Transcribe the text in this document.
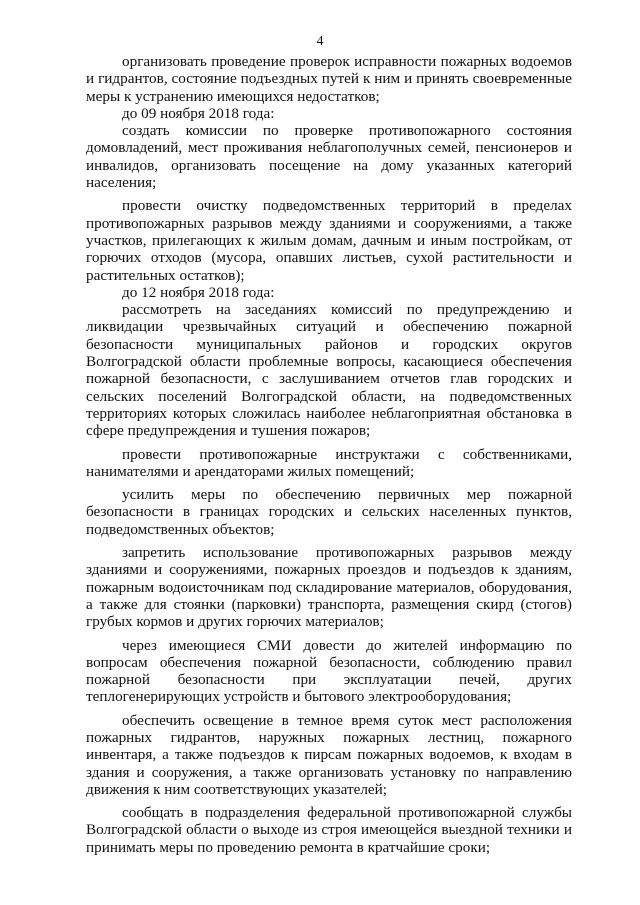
4

организовать проведение проверок исправности пожарных водоемов и гидрантов, состояние подъездных путей к ним и принять своевременные меры к устранению имеющихся недостатков;

до 09 ноября 2018 года:

создать комиссии по проверке противопожарного состояния домовладений, мест проживания неблагополучных семей, пенсионеров и инвалидов, организовать посещение на дому указанных категорий населения;

провести очистку подведомственных территорий в пределах противопожарных разрывов между зданиями и сооружениями, а также участков, прилегающих к жилым домам, дачным и иным постройкам, от горючих отходов (мусора, опавших листьев, сухой растительности и растительных остатков);

до 12 ноября 2018 года:

рассмотреть на заседаниях комиссий по предупреждению и ликвидации чрезвычайных ситуаций и обеспечению пожарной безопасности муниципальных районов и городских округов Волгоградской области проблемные вопросы, касающиеся обеспечения пожарной безопасности, с заслушиванием отчетов глав городских и сельских поселений Волгоградской области, на подведомственных территориях которых сложилась наиболее неблагоприятная обстановка в сфере предупреждения и тушения пожаров;

провести противопожарные инструктажи с собственниками, нанимателями и арендаторами жилых помещений;

усилить меры по обеспечению первичных мер пожарной безопасности в границах городских и сельских населенных пунктов, подведомственных объектов;

запретить использование противопожарных разрывов между зданиями и сооружениями, пожарных проездов и подъездов к зданиям, пожарным водоисточникам под складирование материалов, оборудования, а также для стоянки (парковки) транспорта, размещения скирд (стогов) грубых кормов и других горючих материалов;

через имеющиеся СМИ довести до жителей информацию по вопросам обеспечения пожарной безопасности, соблюдению правил пожарной безопасности при эксплуатации печей, других теплогенерирующих устройств и бытового электрооборудования;

обеспечить освещение в темное время суток мест расположения пожарных гидрантов, наружных пожарных лестниц, пожарного инвентаря, а также подъездов к пирсам пожарных водоемов, к входам в здания и сооружения, а также организовать установку по направлению движения к ним соответствующих указателей;

сообщать в подразделения федеральной противопожарной службы Волгоградской области о выходе из строя имеющейся выездной техники и принимать меры по проведению ремонта в кратчайшие сроки;
